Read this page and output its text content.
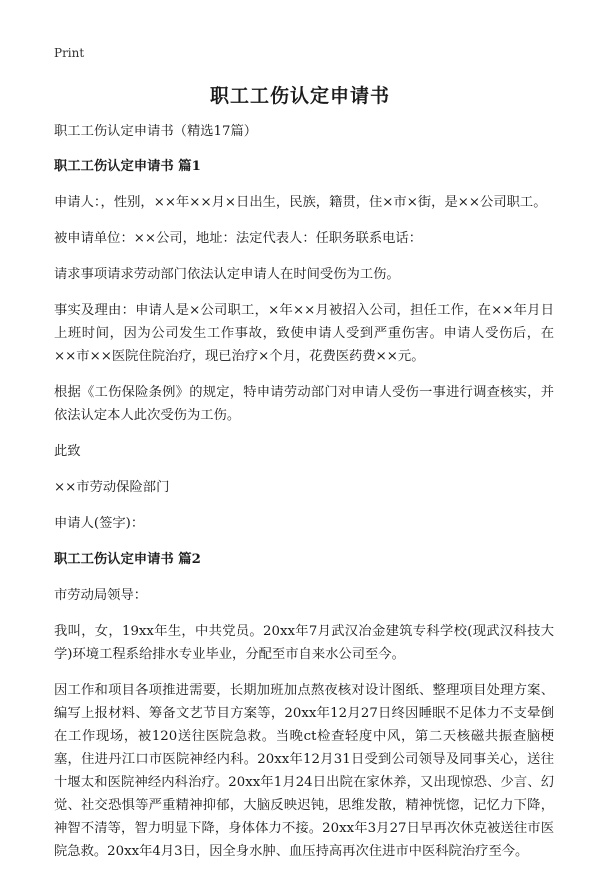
Print
职工工伤认定申请书

职工工伤认定申请书（精选17篇）

职工工伤认定申请书 篇1

申请人：，性别，××年××月×日出生，民族，籍贯，住×市×街，是××公司职工。

被申请单位：××公司，地址：法定代表人：任职务联系电话：

请求事项请求劳动部门依法认定申请人在时间受伤为工伤。

事实及理由：申请人是×公司职工，×年××月被招入公司，担任工作，在××年月日上班时间，因为公司发生工作事故，致使申请人受到严重伤害。申请人受伤后，在××市××医院住院治疗，现已治疗×个月，花费医药费××元。

根据《工伤保险条例》的规定，特申请劳动部门对申请人受伤一事进行调查核实，并依法认定本人此次受伤为工伤。

此致

××市劳动保险部门

申请人(签字)：

职工工伤认定申请书 篇2

市劳动局领导：

我叫，女，19xx年生，中共党员。20xx年7月武汉冶金建筑专科学校(现武汉科技大学)环境工程系给排水专业毕业，分配至市自来水公司至今。

因工作和项目各项推进需要，长期加班加点熬夜核对设计图纸、整理项目处理方案、编写上报材料、筹备文艺节目方案等，20xx年12月27日终因睡眠不足体力不支晕倒在工作现场，被120送往医院急救。当晚ct检查轻度中风，第二天核磁共振查脑梗塞，住进丹江口市医院神经内科。20xx年12月31日受到公司领导及同事关心，送往十堰太和医院神经内科治疗。20xx年1月24日出院在家休养，又出现惊恐、少言、幻觉、社交恐惧等严重精神抑郁，大脑反映迟钝，思维发散，精神恍惚，记忆力下降，神智不清等，智力明显下降，身体体力不接。20xx年3月27日早再次休克被送往市医院急救。20xx年4月3日，因全身水肿、血压持高再次住进市中医科院治疗至今。
